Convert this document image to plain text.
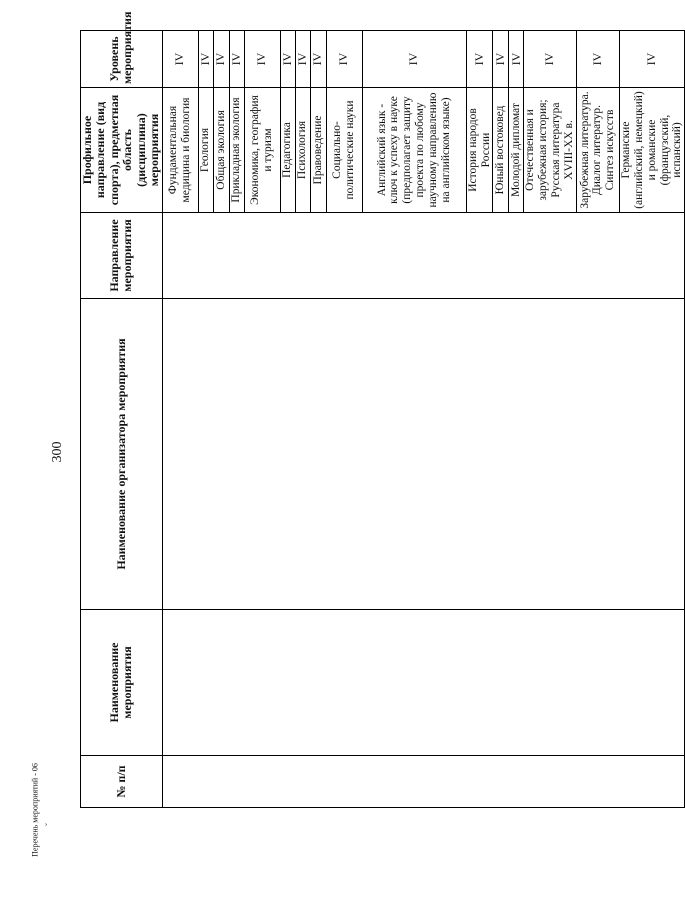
300
Перечень мероприятий - 06 ˘
№ п/п	Наименование мероприятия	Наименование организатора мероприятия	Направление мероприятия	Профильное направление (вид спорта), предметная область (дисциплина) мероприятия	Уровень мероприятия
				Фундаментальная медицина и биология	IV
				Геология	IV
				Общая экология	IV
				Прикладная экология	IV
				Экономика, география и туризм	IV
				Педагогика	IV
				Психология	IV
				Правоведение	IV
				Социально-политические науки	IV
				Английский язык - ключ к успеху в науке (предполагает защиту проекта по любому научному направлению на английском языке)	IV
				История народов России	IV
				Юный востоковед	IV
				Молодой дипломат	IV
				Отечественная и зарубежная история; Русская литература XVIII-XX в.	IV
				Зарубежная литература. Диалог литератур. Синтез искусств	IV
				Германские (английский, немецкий) и романские (французский, испанский)	IV
